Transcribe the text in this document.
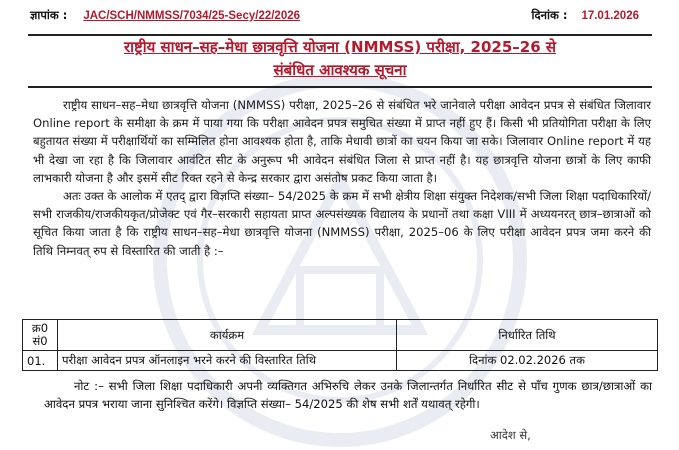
ज्ञापांक : JAC/SCH/NMMSS/7034/25-Secy/22/2026	दिनांक : 17.01.2026
राष्ट्रीय साधन–सह–मेधा छात्रवृत्ति योजना (NMMSS) परीक्षा, 2025–26 से
संबंधित आवश्यक सूचना

राष्ट्रीय साधन–सह–मेधा छात्रवृत्ति योजना (NMMSS) परीक्षा, 2025–26 से संबंधित भरे जानेवाले परीक्षा आवेदन प्रपत्र से संबंधित जिलावार Online report के समीक्षा के क्रम में पाया गया कि परीक्षा आवेदन प्रपत्र समुचित संख्या में प्राप्त नहीं हुए हैं। किसी भी प्रतियोगिता परीक्षा के लिए बहुतायत संख्या में परीक्षार्थियों का सम्मिलित होना आवश्यक होता है, ताकि मेधावी छात्रों का चयन किया जा सके। जिलावार Online report में यह भी देखा जा रहा है कि जिलावार आवंटित सीट के अनुरूप भी आवेदन संबंधित जिला से प्राप्त नहीं है। यह छात्रवृत्ति योजना छात्रों के लिए काफी लाभकारी योजना है और इसमें सीट रिक्त रहने से केन्द्र सरकार द्वारा असंतोष प्रकट किया जाता है।

अतः उक्त के आलोक में एतद् द्वारा विज्ञप्ति संख्या– 54/2025 के क्रम में सभी क्षेत्रीय शिक्षा संयुक्त निदेशक/सभी जिला शिक्षा पदाधिकारियों/सभी राजकीय/राजकीयकृत/प्रोजेक्ट एवं गैर–सरकारी सहायता प्राप्त अल्पसंख्यक विद्यालय के प्रधानों तथा कक्षा VIII में अध्ययनरत् छात्र–छात्राओं को सूचित किया जाता है कि राष्ट्रीय साधन–सह–मेधा छात्रवृत्ति योजना (NMMSS) परीक्षा, 2025–06 के लिए परीक्षा आवेदन प्रपत्र जमा करने की तिथि निम्नवत् रुप से विस्तारित की जाती है :–

क्र0 सं0	कार्यक्रम	निर्धारित तिथि
01.	परीक्षा आवेदन प्रपत्र ऑनलाइन भरने करने की विस्तारित तिथि	दिनांक 02.02.2026 तक

नोट :– सभी जिला शिक्षा पदाधिकारी अपनी व्यक्तिगत अभिरुचि लेकर उनके जिलान्तर्गत निर्धारित सीट से पाँच गुणक छात्र/छात्राओं का आवेदन प्रपत्र भराया जाना सुनिश्चित करेंगे। विज्ञप्ति संख्या– 54/2025 की शेष सभी शर्तें यथावत् रहेगी।

आदेश से,
